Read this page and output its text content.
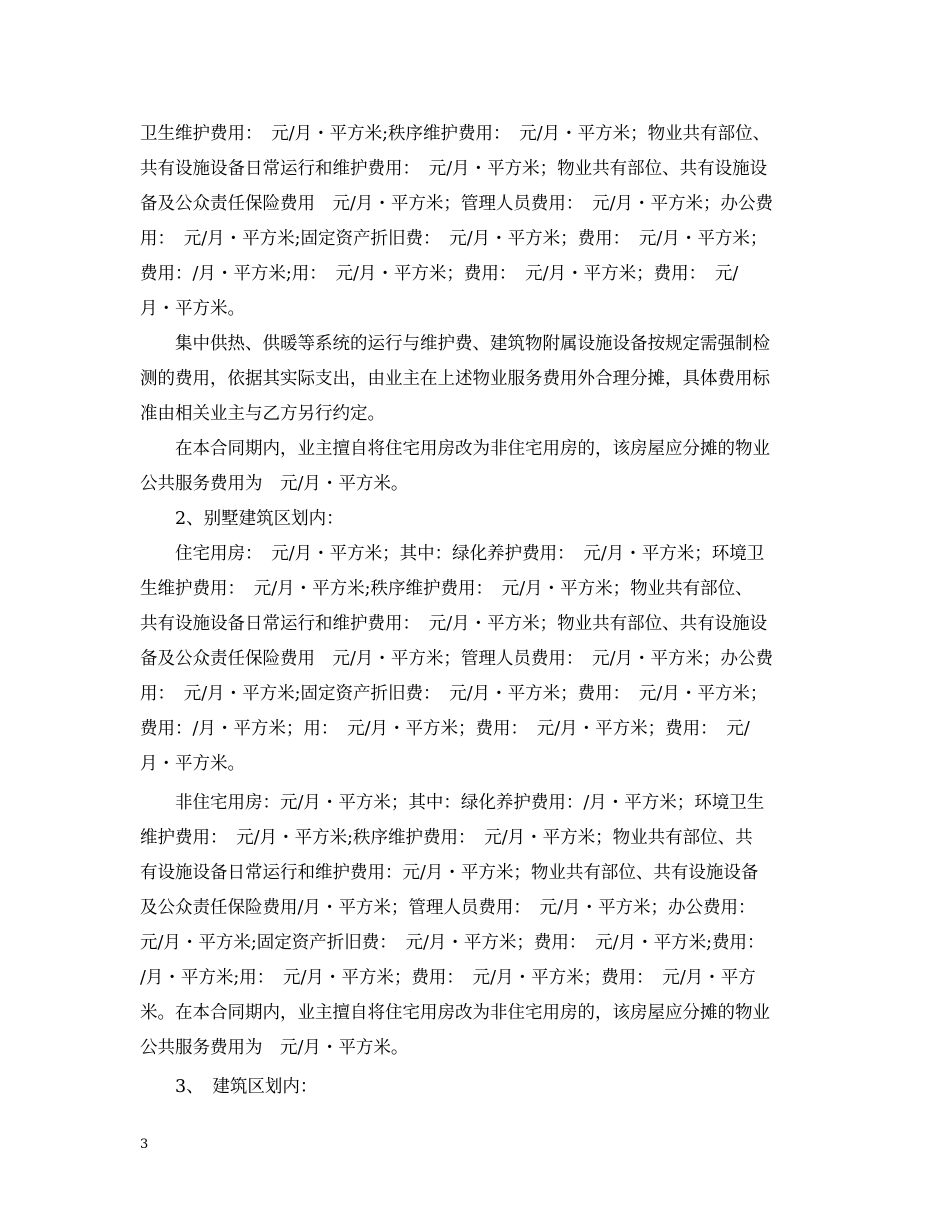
卫生维护费用：　元/月・平方米;秩序维护费用：　元/月・平方米；物业共有部位、
共有设施设备日常运行和维护费用：　元/月・平方米；物业共有部位、共有设施设
备及公众责任保险费用　元/月・平方米；管理人员费用：　元/月・平方米；办公费
用：　元/月・平方米;固定资产折旧费：　元/月・平方米；费用：　元/月・平方米；
费用：/月・平方米;用：　元/月・平方米；费用：　元/月・平方米；费用：　元/
月・平方米。
　　集中供热、供暖等系统的运行与维护费、建筑物附属设施设备按规定需强制检
测的费用，依据其实际支出，由业主在上述物业服务费用外合理分摊，具体费用标
准由相关业主与乙方另行约定。
　　在本合同期内，业主擅自将住宅用房改为非住宅用房的，该房屋应分摊的物业
公共服务费用为　元/月・平方米。
　　2、别墅建筑区划内：
　　住宅用房：　元/月・平方米；其中：绿化养护费用：　元/月・平方米；环境卫
生维护费用：　元/月・平方米;秩序维护费用：　元/月・平方米；物业共有部位、
共有设施设备日常运行和维护费用：　元/月・平方米；物业共有部位、共有设施设
备及公众责任保险费用　元/月・平方米；管理人员费用：　元/月・平方米；办公费
用：　元/月・平方米;固定资产折旧费：　元/月・平方米；费用：　元/月・平方米；
费用：/月・平方米；用：　元/月・平方米；费用：　元/月・平方米；费用：　元/
月・平方米。
　　非住宅用房：元/月・平方米；其中：绿化养护费用：/月・平方米；环境卫生
维护费用：　元/月・平方米;秩序维护费用：　元/月・平方米；物业共有部位、共
有设施设备日常运行和维护费用：元/月・平方米；物业共有部位、共有设施设备
及公众责任保险费用/月・平方米；管理人员费用：　元/月・平方米；办公费用：
元/月・平方米;固定资产折旧费：　元/月・平方米；费用：　元/月・平方米;费用：
/月・平方米;用：　元/月・平方米；费用：　元/月・平方米；费用：　元/月・平方
米。在本合同期内，业主擅自将住宅用房改为非住宅用房的，该房屋应分摊的物业
公共服务费用为　元/月・平方米。
　　3、　建筑区划内：
3
